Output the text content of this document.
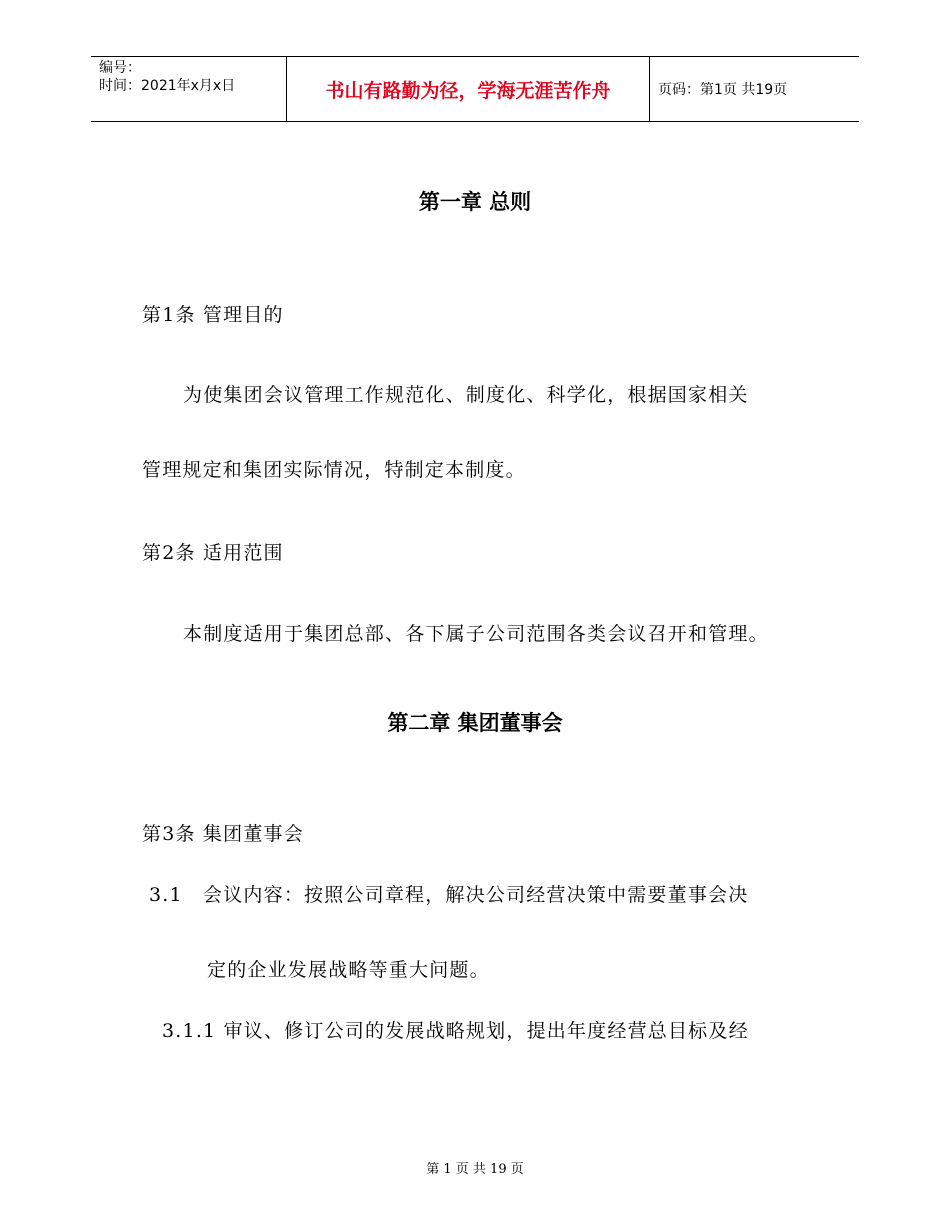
编号：
时间：2021年x月x日	书山有路勤为径，学海无涯苦作舟	页码：第1页 共19页
第一章 总则
第1条 管理目的
为使集团会议管理工作规范化、制度化、科学化，根据国家相关
管理规定和集团实际情况，特制定本制度。
第2条 适用范围
本制度适用于集团总部、各下属子公司范围各类会议召开和管理。
第二章 集团董事会
第3条 集团董事会
3.1　会议内容：按照公司章程，解决公司经营决策中需要董事会决
定的企业发展战略等重大问题。
3.1.1 审议、修订公司的发展战略规划，提出年度经营总目标及经
第 1 页 共 19 页
